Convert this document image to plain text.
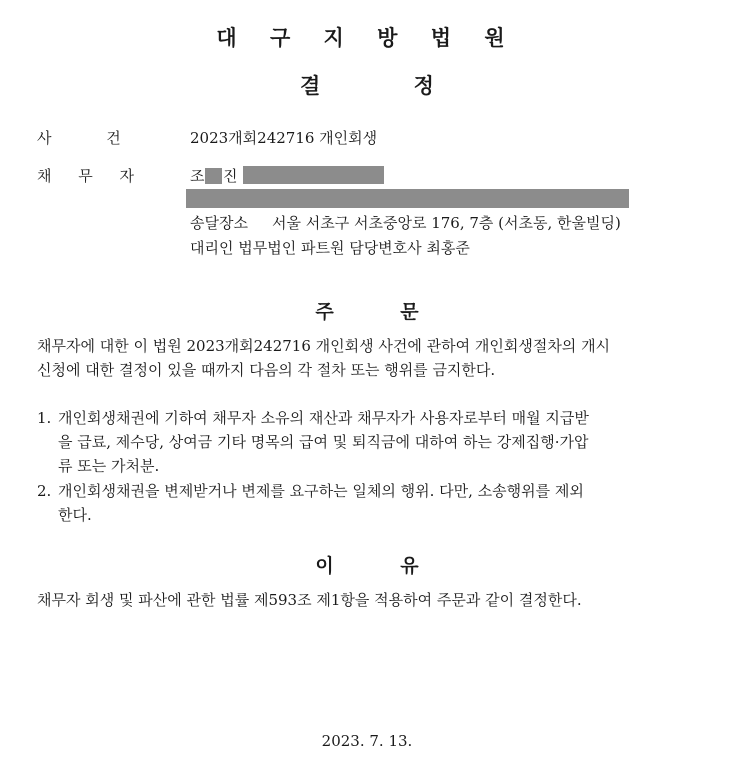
대 구 지 방 법 원
결 정
사 건	2023개회242716 개인회생
채 무 자	조 진
송달장소 서울 서초구 서초중앙로 176, 7층 (서초동, 한울빌딩)
대리인 법무법인 파트원 담당변호사 최홍준
주 문
채무자에 대한 이 법원 2023개회242716 개인회생 사건에 관하여 개인회생절차의 개시
신청에 대한 결정이 있을 때까지 다음의 각 절차 또는 행위를 금지한다.
1. 개인회생채권에 기하여 채무자 소유의 재산과 채무자가 사용자로부터 매월 지급받
을 급료, 제수당, 상여금 기타 명목의 급여 및 퇴직금에 대하여 하는 강제집행·가압
류 또는 가처분.
2. 개인회생채권을 변제받거나 변제를 요구하는 일체의 행위. 다만, 소송행위를 제외
한다.
이 유
채무자 회생 및 파산에 관한 법률 제593조 제1항을 적용하여 주문과 같이 결정한다.
2023. 7. 13.
